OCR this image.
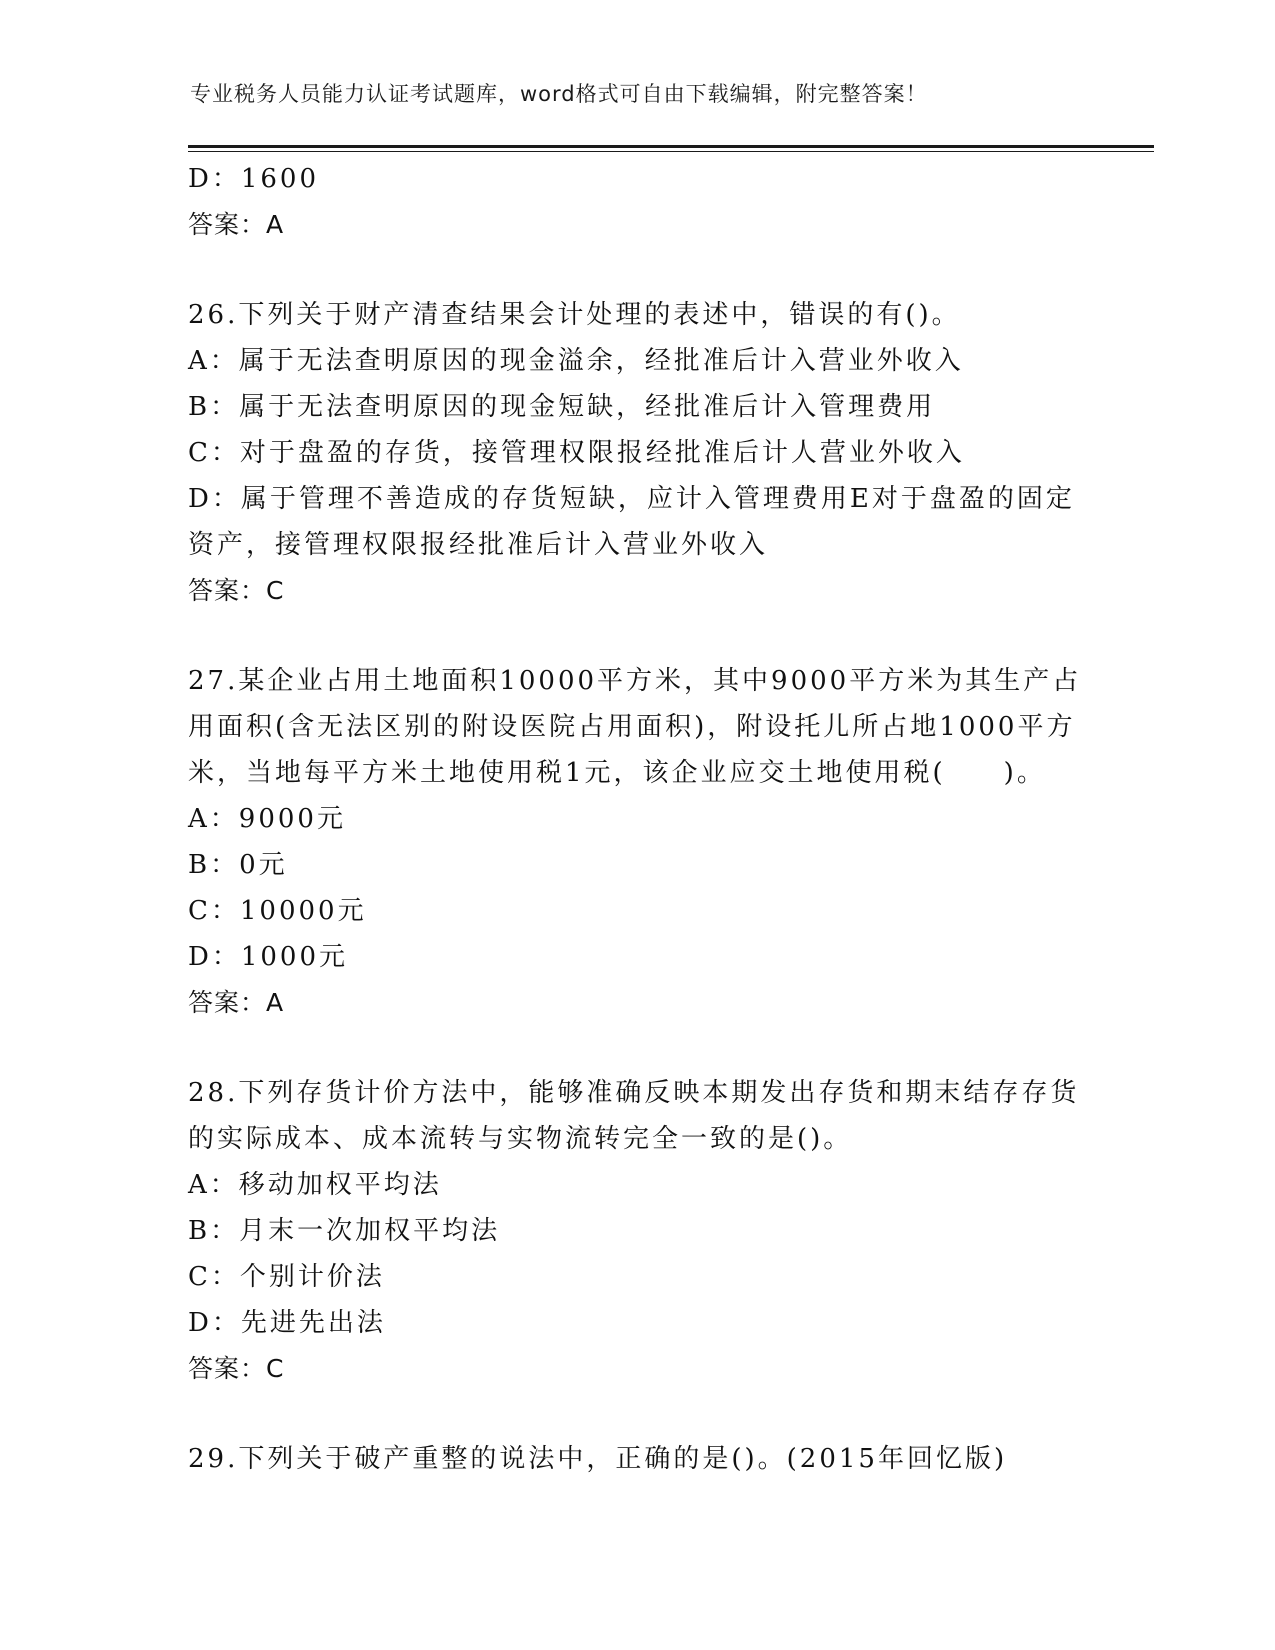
专业税务人员能力认证考试题库，word格式可自由下载编辑，附完整答案！
D：1600
答案：A
26.下列关于财产清查结果会计处理的表述中，错误的有()。
A：属于无法查明原因的现金溢余，经批准后计入营业外收入
B：属于无法查明原因的现金短缺，经批准后计入管理费用
C：对于盘盈的存货，接管理权限报经批准后计人营业外收入
D：属于管理不善造成的存货短缺，应计入管理费用E对于盘盈的固定
资产，接管理权限报经批准后计入营业外收入
答案：C
27.某企业占用土地面积10000平方米，其中9000平方米为其生产占
用面积(含无法区别的附设医院占用面积)，附设托儿所占地1000平方
米，当地每平方米土地使用税1元，该企业应交土地使用税(　　)。
A：9000元
B：0元
C：10000元
D：1000元
答案：A
28.下列存货计价方法中，能够准确反映本期发出存货和期末结存存货
的实际成本、成本流转与实物流转完全一致的是()。
A：移动加权平均法
B：月末一次加权平均法
C：个别计价法
D：先进先出法
答案：C
29.下列关于破产重整的说法中，正确的是()。(2015年回忆版)
